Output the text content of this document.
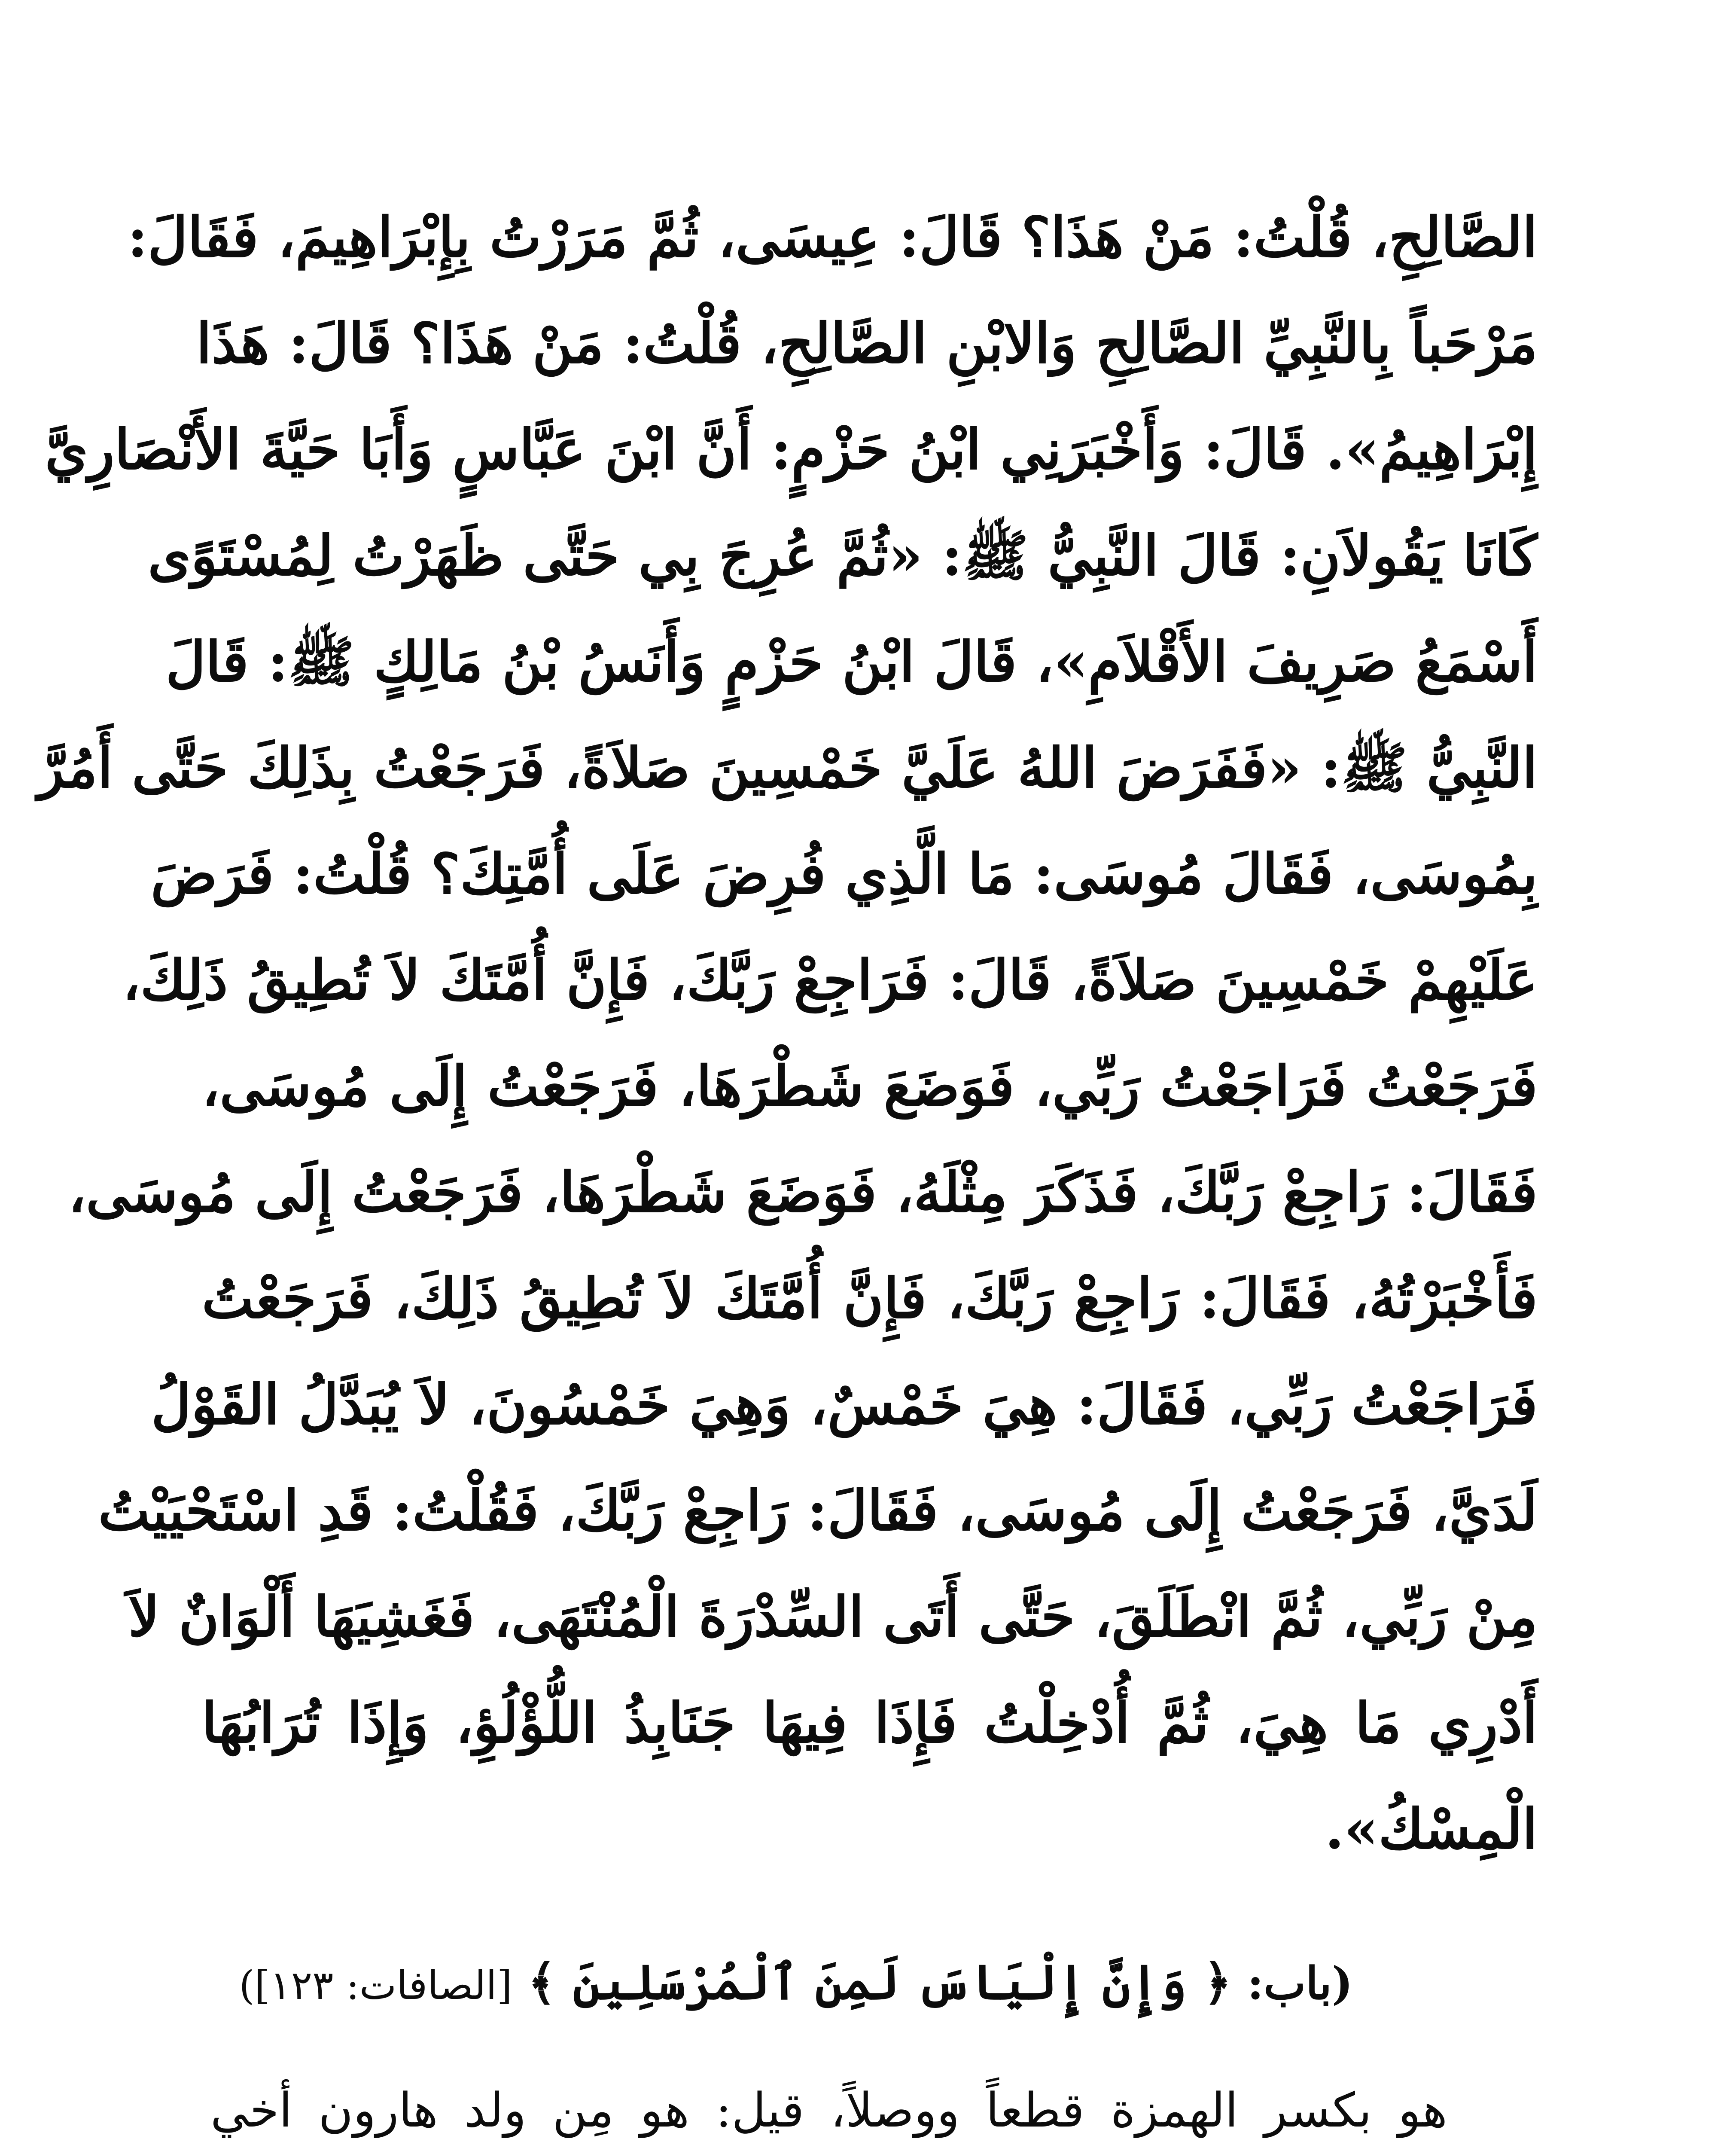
الصَّالِحِ، قُلْتُ: مَنْ هَذَا؟ قَالَ: عِيسَى، ثُمَّ مَرَرْتُ بِإِبْرَاهِيمَ، فَقَالَ:
مَرْحَباً بِالنَّبِيِّ الصَّالِحِ وَالابْنِ الصَّالِحِ، قُلْتُ: مَنْ هَذَا؟ قَالَ: هَذَا
إِبْرَاهِيمُ». قَالَ: وَأَخْبَرَنِي ابْنُ حَزْمٍ: أَنَّ ابْنَ عَبَّاسٍ وَأَبَا حَيَّةَ الأَنْصَارِيَّ
كَانَا يَقُولاَنِ: قَالَ النَّبِيُّ ﷺ: «ثُمَّ عُرِجَ بِي حَتَّى ظَهَرْتُ لِمُسْتَوًى
أَسْمَعُ صَرِيفَ الأَقْلاَمِ»، قَالَ ابْنُ حَزْمٍ وَأَنَسُ بْنُ مَالِكٍ ﷺ: قَالَ
النَّبِيُّ ﷺ: «فَفَرَضَ اللهُ عَلَيَّ خَمْسِينَ صَلاَةً، فَرَجَعْتُ بِذَلِكَ حَتَّى أَمُرَّ
بِمُوسَى، فَقَالَ مُوسَى: مَا الَّذِي فُرِضَ عَلَى أُمَّتِكَ؟ قُلْتُ: فَرَضَ
عَلَيْهِمْ خَمْسِينَ صَلاَةً، قَالَ: فَرَاجِعْ رَبَّكَ، فَإِنَّ أُمَّتَكَ لاَ تُطِيقُ ذَلِكَ،
فَرَجَعْتُ فَرَاجَعْتُ رَبِّي، فَوَضَعَ شَطْرَهَا، فَرَجَعْتُ إِلَى مُوسَى،
فَقَالَ: رَاجِعْ رَبَّكَ، فَذَكَرَ مِثْلَهُ، فَوَضَعَ شَطْرَهَا، فَرَجَعْتُ إِلَى مُوسَى،
فَأَخْبَرْتُهُ، فَقَالَ: رَاجِعْ رَبَّكَ، فَإِنَّ أُمَّتَكَ لاَ تُطِيقُ ذَلِكَ، فَرَجَعْتُ
فَرَاجَعْتُ رَبِّي، فَقَالَ: هِيَ خَمْسٌ، وَهِيَ خَمْسُونَ، لاَ يُبَدَّلُ القَوْلُ
لَدَيَّ، فَرَجَعْتُ إِلَى مُوسَى، فَقَالَ: رَاجِعْ رَبَّكَ، فَقُلْتُ: قَدِ اسْتَحْيَيْتُ
مِنْ رَبِّي، ثُمَّ انْطَلَقَ، حَتَّى أَتَى السِّدْرَةَ الْمُنْتَهَى، فَغَشِيَهَا أَلْوَانٌ لاَ
أَدْرِي مَا هِيَ، ثُمَّ أُدْخِلْتُ فَإِذَا فِيهَا جَنَابِذُ اللُّؤْلُؤِ، وَإِذَا تُرَابُهَا
الْمِسْكُ».
(باب: ﴿ وَإِنَّ إِلْيَاسَ لَمِنَ ٱلْمُرْسَلِينَ ﴾ [الصافات: ١٢٣])
هو بكسر الهمزة قطعاً ووصلاً، قيل: هو مِن ولد هارون أخي
